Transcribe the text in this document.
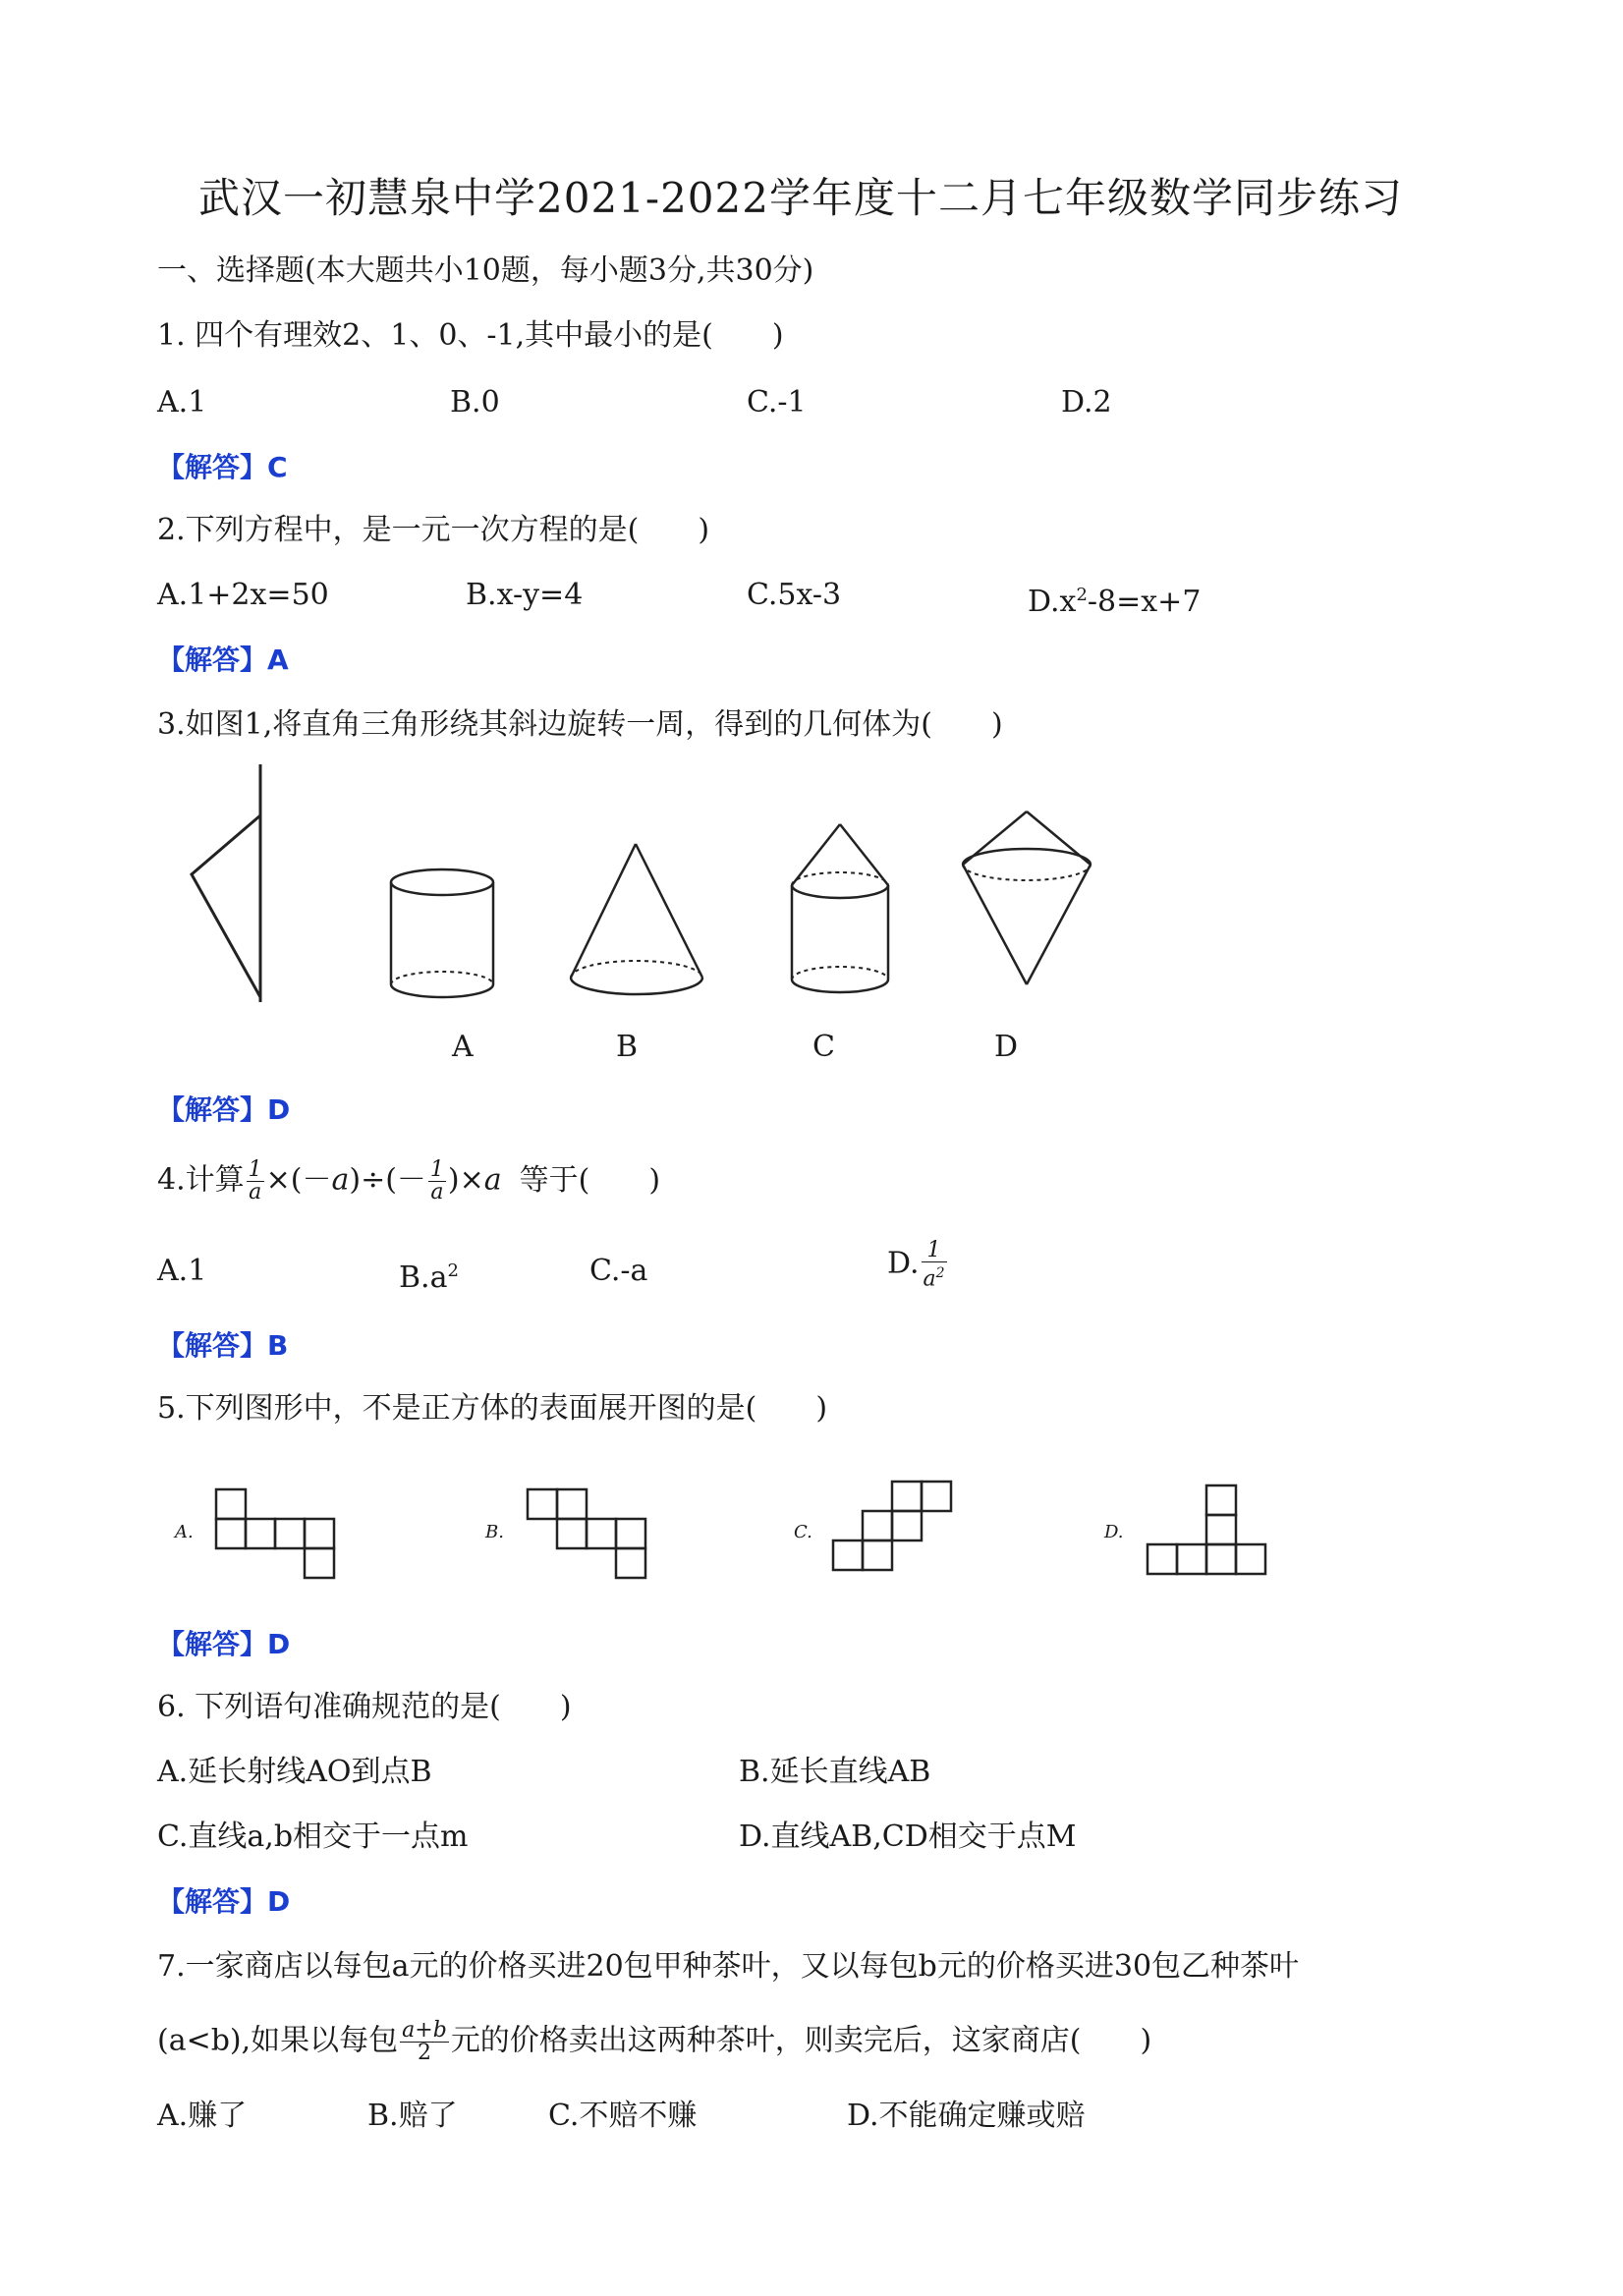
武汉一初慧泉中学2021-2022学年度十二月七年级数学同步练习
一、选择题(本大题共小10题，每小题3分,共30分)
1. 四个有理效2、1、0、-1,其中最小的是(　　)
A.1	B.0	C.-1	D.2
【解答】C
2.下列方程中，是一元一次方程的是(　　)
A.1+2x=50	B.x-y=4	C.5x-3	$D.x^2-8=x+7$
【解答】A
3.如图1,将直角三角形绕其斜边旋转一周，得到的几何体为(　　)
A	B	C	D
【解答】D
4.计算 $\frac{1}{a} \times(-a)\div(- \frac{1}{a} )\times a$ 等于(　　)
A.1	$B.a^2$	C.-a	D. $\frac{1}{a^2}$
【解答】B
5.下列图形中，不是正方体的表面展开图的是(　　)
A.	B.	C.	D.
【解答】D
6. 下列语句准确规范的是(　　)
A.延长射线AO到点B	B.延长直线AB
C.直线a,b相交于一点m	D.直线AB,CD相交于点M
【解答】D
7.一家商店以每包a元的价格买进20包甲种茶叶，又以每包b元的价格买进30包乙种茶叶
(a<b),如果以每包 $\frac{a+b}{2}$ 元的价格卖出这两种茶叶，则卖完后，这家商店(　　)
A.赚了	B.赔了	C.不赔不赚	D.不能确定赚或赔
